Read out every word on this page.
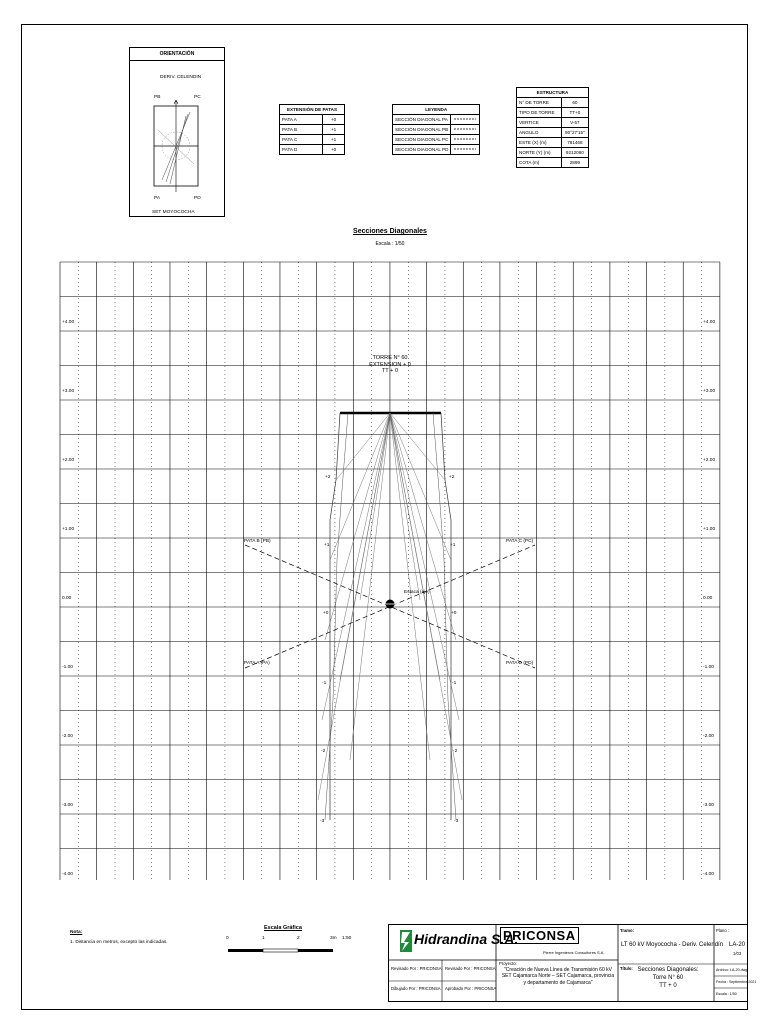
ORIENTACIÓN
DERIV. CELENDIN
SET MOYOCOCHA
PB	PC
PA	PD
EXTENSIÓN DE PATAS	
PATA A	+0
PATA B	+1
PATA C	+1
PATA D	+0
LEYENDA	
SECCIÓN DIAGONAL PA	
SECCIÓN DIAGONAL PB	
SECCIÓN DIAGONAL PC	
SECCIÓN DIAGONAL PD	
ESTRUCTURA	
N° DE TORRE	60
TIPO DE TORRE	TT+0
VERTICE	V-57
ANGULO	90°27'15"
ESTE (X) (m)	781468
NORTE (Y) (m)	9212060
COTA (m)	2899
Secciones Diagonales
Escala : 1/50
TORRE N° 60
EXTENSION + 0
TT + 0
Estaca (eje)
PATA B (PB)	PATA C (PC)
PATA A (PA)	PATA D (PD)
+4.00
+3.00
+2.00
+1.00
0.00
-1.00
-2.00
-3.00
-4.00
+4.00
+3.00
+2.00
+1.00
0.00
-1.00
-2.00
-3.00
-4.00
+2
+1
+0
-1
-2
-3
+2
+1
+0
-1
-2
-3
Nota:
1. Distancia en metros, excepto las indicadas.
Escala Gráfica
0	1	2	3m 1:50	Hidrandina S.A.
PRICONSA
Pierre Ingenieros Consultores S.A.
Revisado Por : PRICONSA Revisado Por : PRICONSA
Dibujado Por : PRICONSA Aprobado Por : PRICONSA
Proyecto:
"Creación de Nueva Línea de Transmisión 60 kV SET Cajamarca Norte – SET Cajamarca, provincia y departamento de Cajamarca"
Tramo:
LT 60 kV Moyococha - Deriv. Celendín
Título: Secciones Diagonales:
Torre N° 60
TT + 0
Plano :
LA-20
1/03
Archivo: LA-20.dwg
Fecha : Septiembre 2021
Escala : 1/50
